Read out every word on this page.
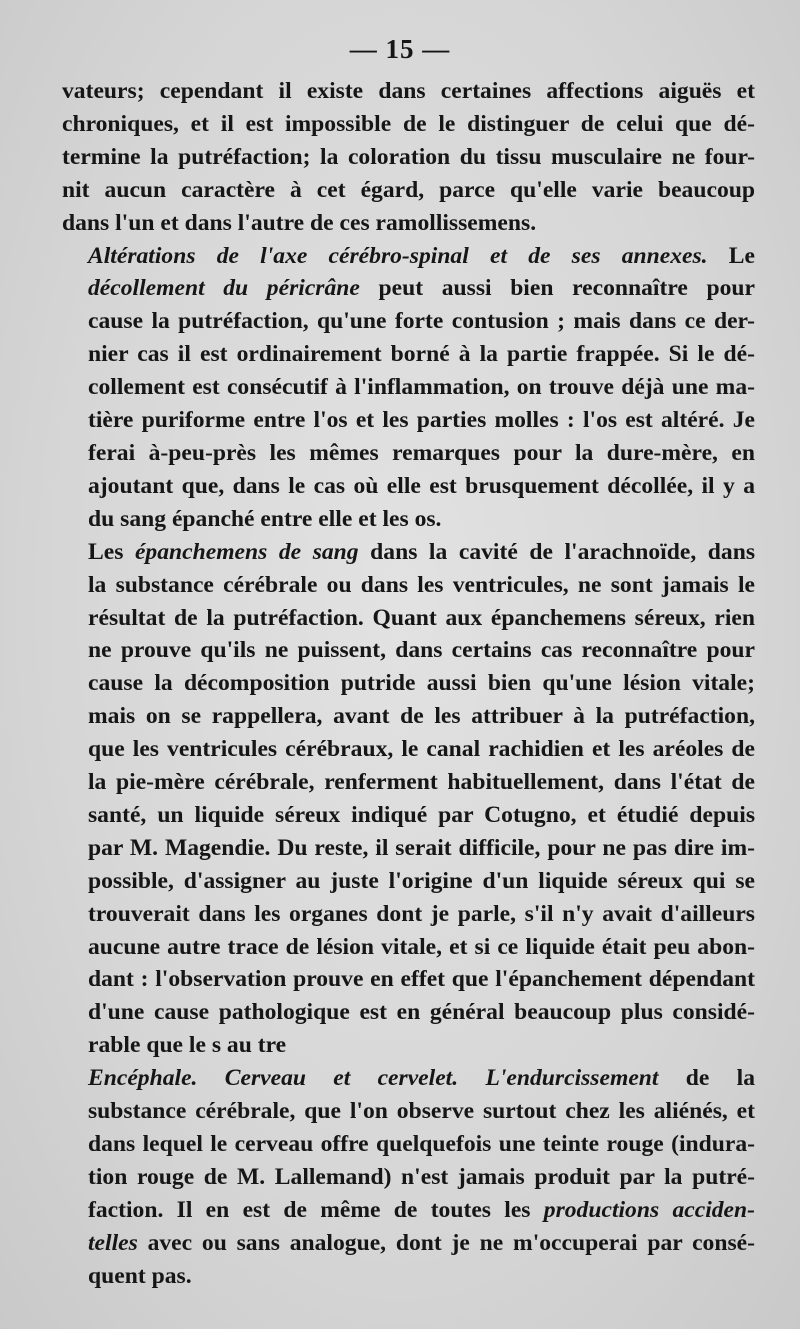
— 15 —

vateurs; cependant il existe dans certaines affections aiguës et
chroniques, et il est impossible de le distinguer de celui que dé-
termine la putréfaction; la coloration du tissu musculaire ne four-
nit aucun caractère à cet égard, parce qu'elle varie beaucoup
dans l'un et dans l'autre de ces ramollissemens.

Altérations de l'axe cérébro-spinal et de ses annexes. Le
décollement du péricrâne peut aussi bien reconnaître pour
cause la putréfaction, qu'une forte contusion ; mais dans ce der-
nier cas il est ordinairement borné à la partie frappée. Si le dé-
collement est consécutif à l'inflammation, on trouve déjà une ma-
tière puriforme entre l'os et les parties molles : l'os est altéré. Je
ferai à-peu-près les mêmes remarques pour la dure-mère, en
ajoutant que, dans le cas où elle est brusquement décollée, il y a
du sang épanché entre elle et les os.

Les épanchemens de sang dans la cavité de l'arachnoïde, dans
la substance cérébrale ou dans les ventricules, ne sont jamais le
résultat de la putréfaction. Quant aux épanchemens séreux, rien
ne prouve qu'ils ne puissent, dans certains cas reconnaître pour
cause la décomposition putride aussi bien qu'une lésion vitale;
mais on se rappellera, avant de les attribuer à la putréfaction,
que les ventricules cérébraux, le canal rachidien et les aréoles de
la pie-mère cérébrale, renferment habituellement, dans l'état de
santé, un liquide séreux indiqué par Cotugno, et étudié depuis
par M. Magendie. Du reste, il serait difficile, pour ne pas dire im-
possible, d'assigner au juste l'origine d'un liquide séreux qui se
trouverait dans les organes dont je parle, s'il n'y avait d'ailleurs
aucune autre trace de lésion vitale, et si ce liquide était peu abon-
dant : l'observation prouve en effet que l'épanchement dépendant
d'une cause pathologique est en général beaucoup plus considé-
rable que le s au tre

Encéphale. Cerveau et cervelet. L'endurcissement de la
substance cérébrale, que l'on observe surtout chez les aliénés, et
dans lequel le cerveau offre quelquefois une teinte rouge (indura-
tion rouge de M. Lallemand) n'est jamais produit par la putré-
faction. Il en est de même de toutes les productions acciden-
telles avec ou sans analogue, dont je ne m'occuperai par consé-
quent pas.
